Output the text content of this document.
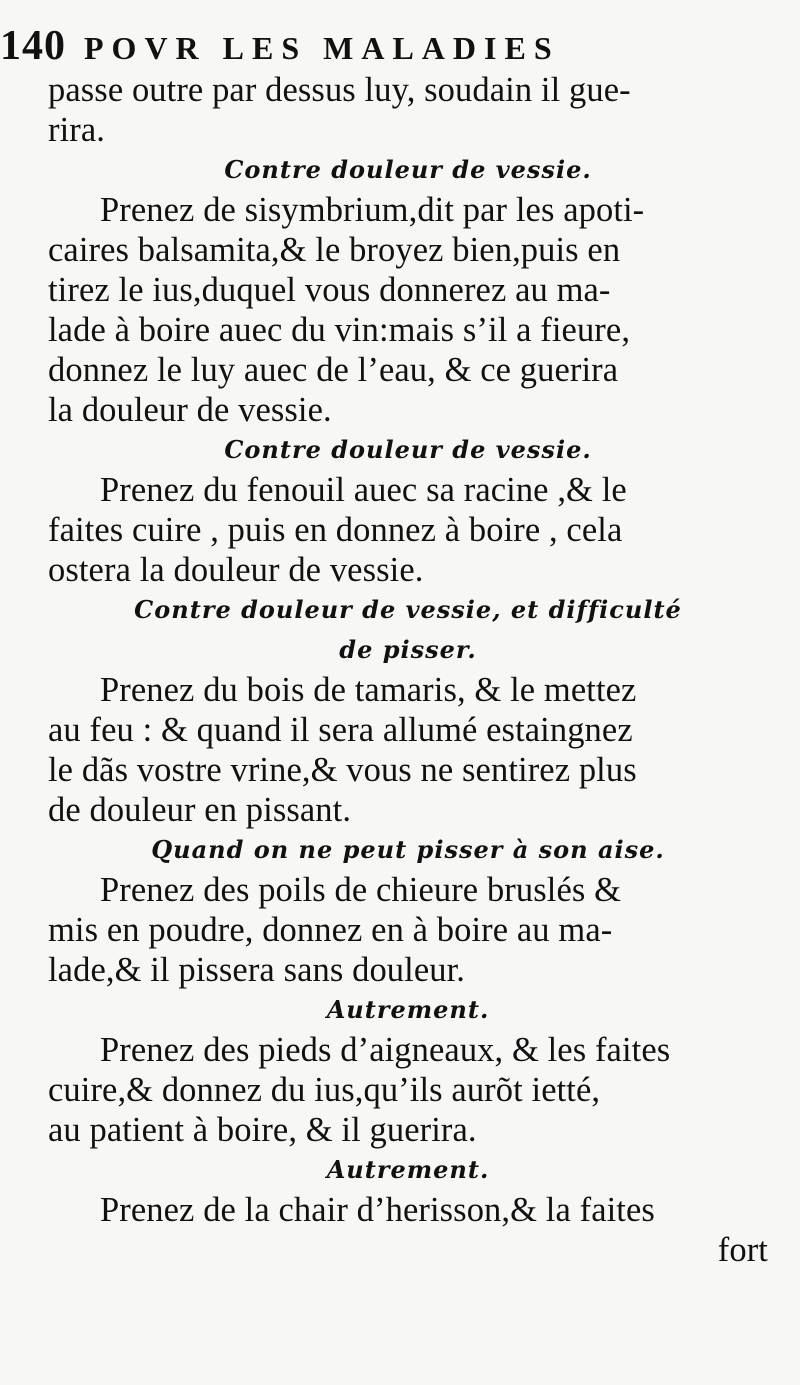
140 POVR LES MALADIES
passe outre par dessus luy, soudain il gue-
rira.
Contre douleur de vessie.
Prenez de sisymbrium,dit par les apoti-
caires balsamita,& le broyez bien,puis en
tirez le ius,duquel vous donnerez au ma-
lade à boire auec du vin:mais s’il a fieure,
donnez le luy auec de l’eau, & ce guerira
la douleur de vessie.
Contre douleur de vessie.
Prenez du fenouil auec sa racine ,& le
faites cuire , puis en donnez à boire , cela
ostera la douleur de vessie.
Contre douleur de vessie, et difficulté
de pisser.
Prenez du bois de tamaris, & le mettez
au feu : & quand il sera allumé estaingnez
le dãs vostre vrine,& vous ne sentirez plus
de douleur en pissant.
Quand on ne peut pisser à son aise.
Prenez des poils de chieure bruslés &
mis en poudre, donnez en à boire au ma-
lade,& il pissera sans douleur.
Autrement.
Prenez des pieds d’aigneaux, & les faites
cuire,& donnez du ius,qu’ils aurõt ietté,
au patient à boire, & il guerira.
Autrement.
Prenez de la chair d’herisson,& la faites
fort
